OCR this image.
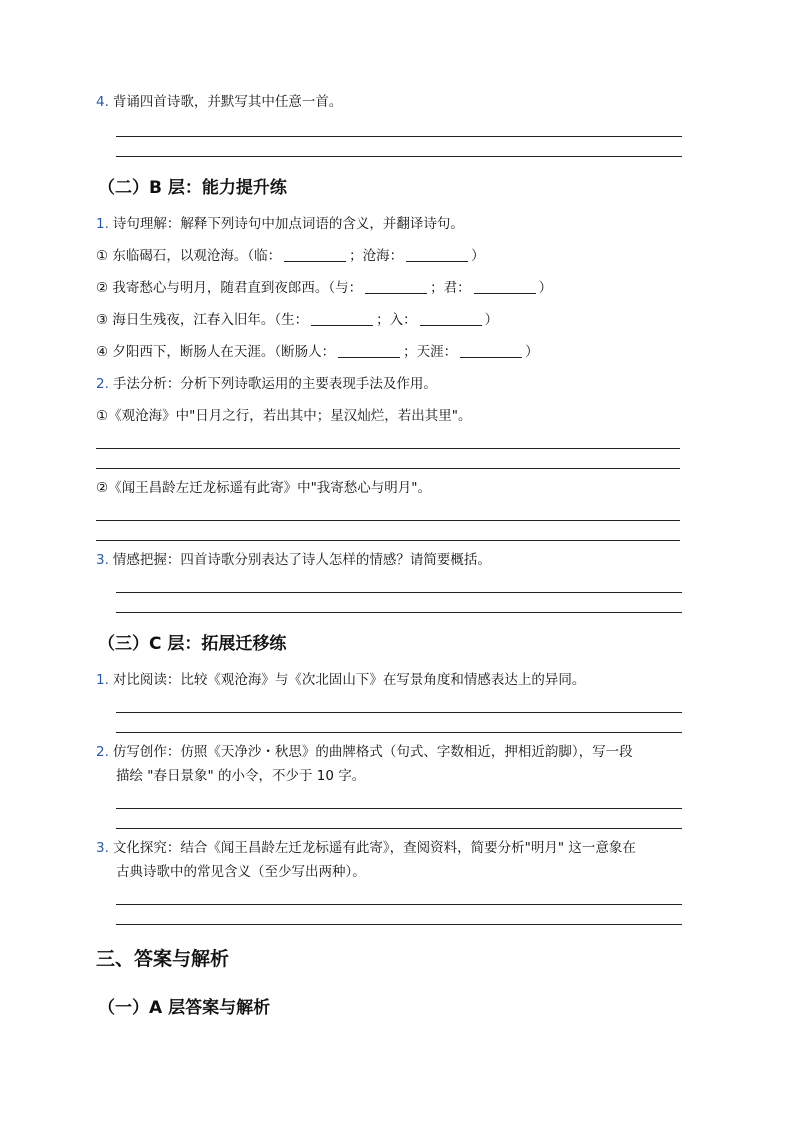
4. 背诵四首诗歌，并默写其中任意一首。
（二）B 层：能力提升练
1. 诗句理解：解释下列诗句中加点词语的含义，并翻译诗句。
① 东临碣石，以观沧海。（临：	；沧海：	）
② 我寄愁心与明月，随君直到夜郎西。（与：	；君：	）
③ 海日生残夜，江春入旧年。（生：	；入：	）
④ 夕阳西下，断肠人在天涯。（断肠人：	；天涯：	）
2. 手法分析：分析下列诗歌运用的主要表现手法及作用。
①《观沧海》中"日月之行，若出其中；星汉灿烂，若出其里"。
②《闻王昌龄左迁龙标遥有此寄》中"我寄愁心与明月"。
3. 情感把握：四首诗歌分别表达了诗人怎样的情感？请简要概括。
（三）C 层：拓展迁移练
1. 对比阅读：比较《观沧海》与《次北固山下》在写景角度和情感表达上的异同。
2. 仿写创作：仿照《天净沙・秋思》的曲牌格式（句式、字数相近，押相近韵脚），写一段
描绘 "春日景象" 的小令，不少于 10 字。
3. 文化探究：结合《闻王昌龄左迁龙标遥有此寄》，查阅资料，简要分析"明月" 这一意象在
古典诗歌中的常见含义（至少写出两种）。
三、答案与解析
（一）A 层答案与解析
